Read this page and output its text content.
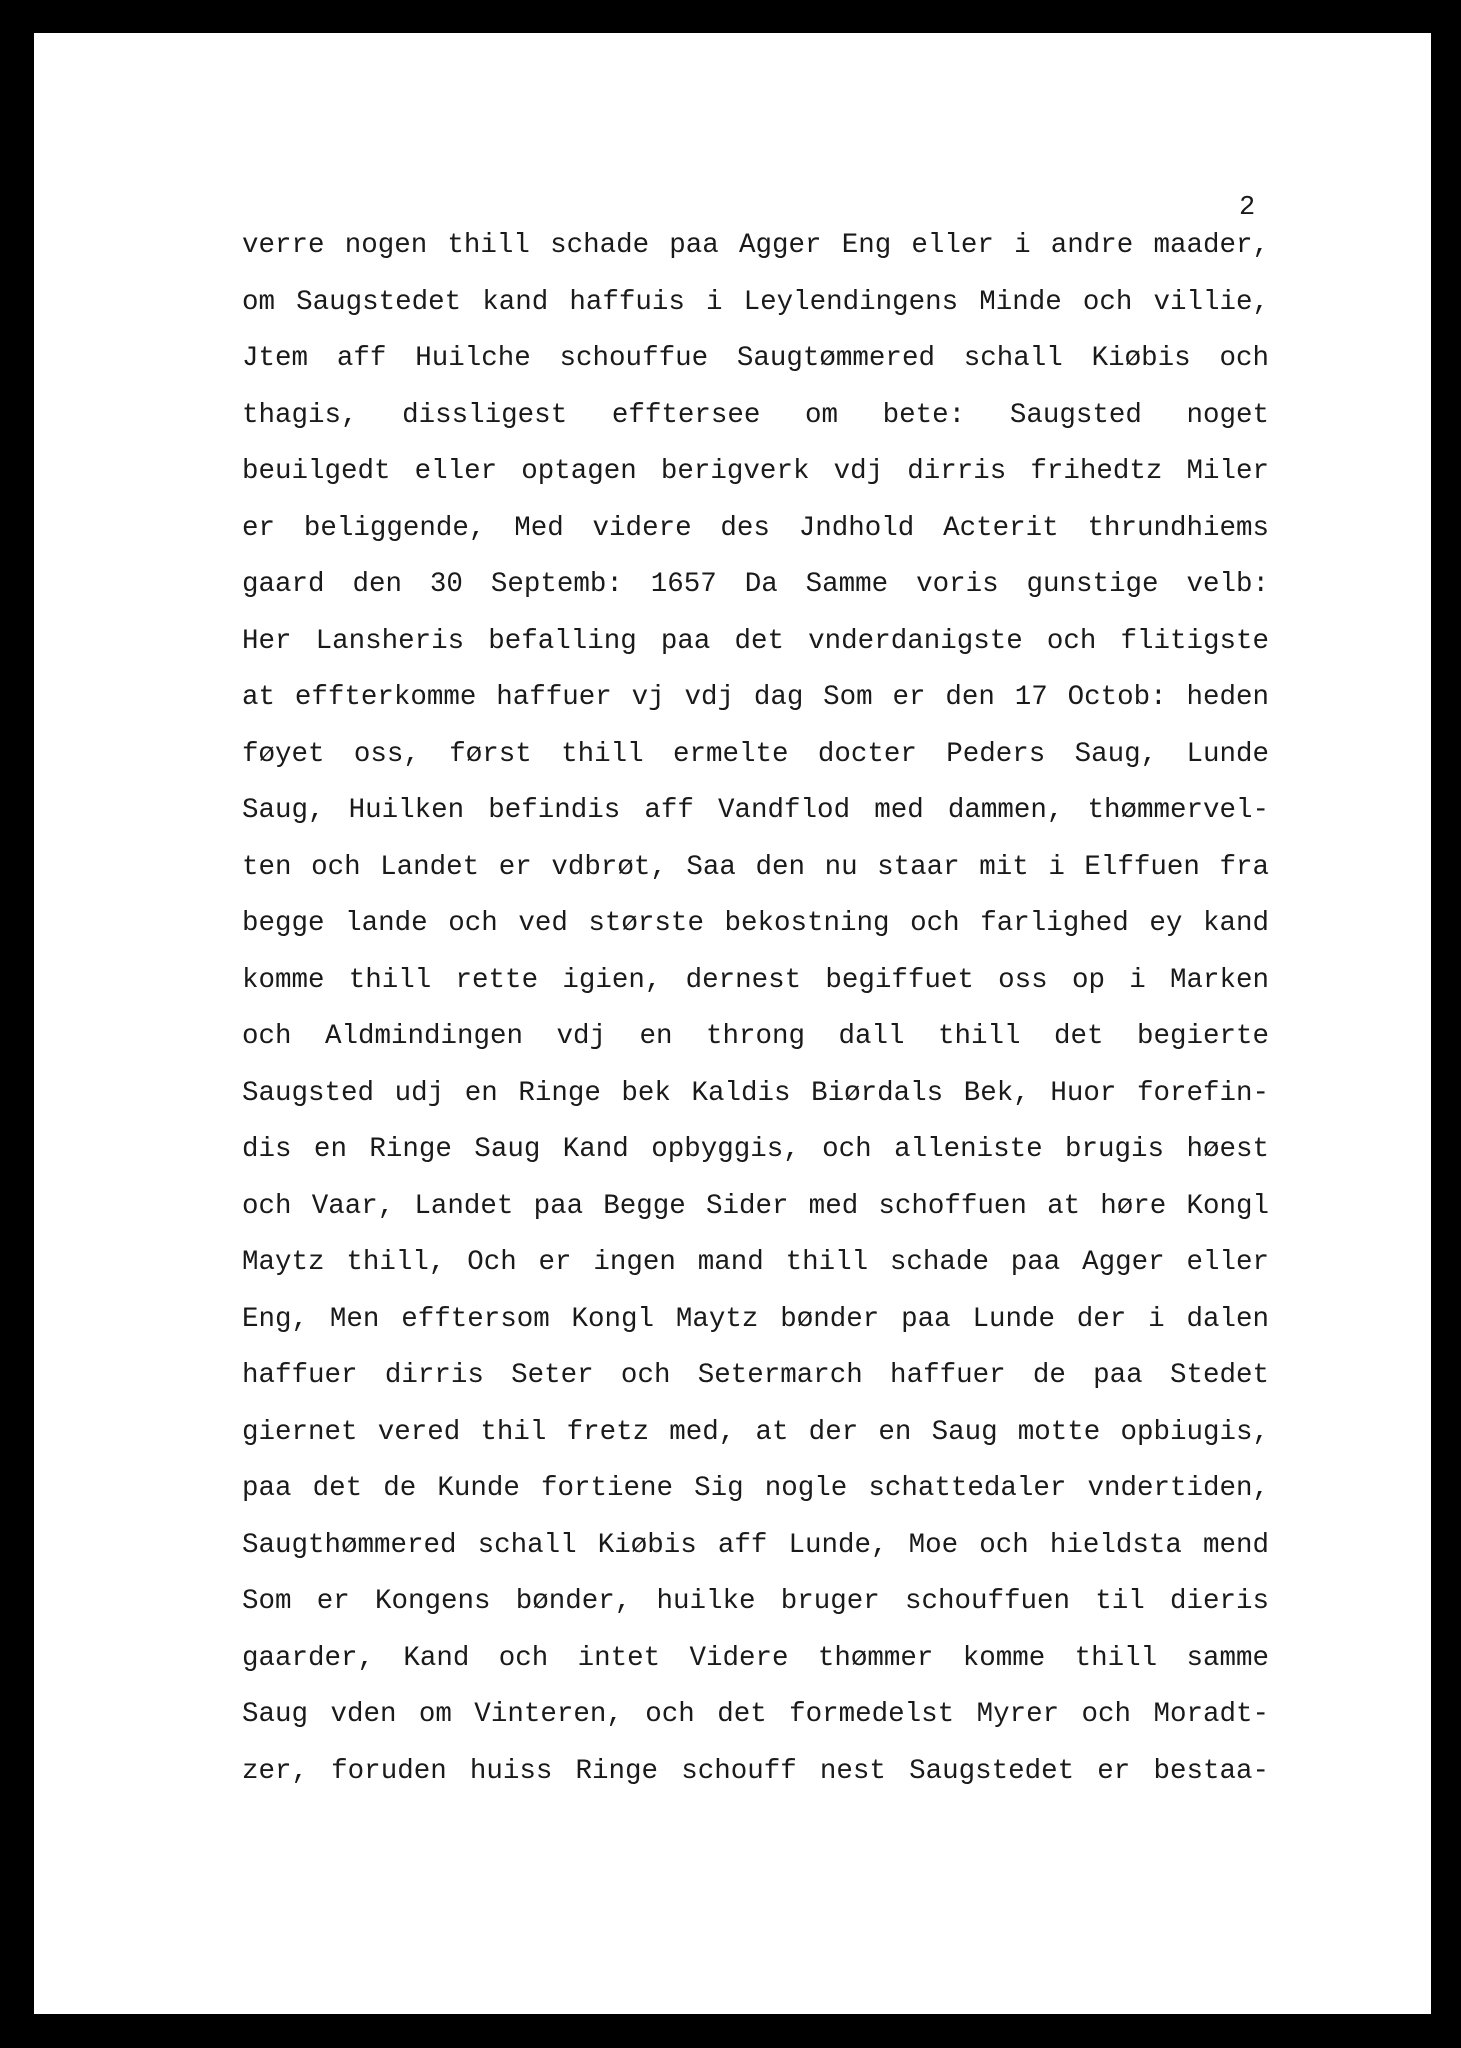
2
verre nogen thill schade paa Agger Eng eller i andre maader,
om Saugstedet kand haffuis i Leylendingens Minde och villie,
Jtem aff Huilche schouffue Saugtømmered schall Kiøbis och
thagis, dissligest efftersee om bete: Saugsted noget
beuilgedt eller optagen berigverk vdj dirris frihedtz Miler
er beliggende, Med videre des Jndhold Acterit thrundhiems
gaard den 30 Septemb: 1657 Da Samme voris gunstige velb:
Her Lansheris befalling paa det vnderdanigste och flitigste
at effterkomme haffuer vj vdj dag Som er den 17 Octob: heden
føyet oss, først thill ermelte docter Peders Saug, Lunde
Saug, Huilken befindis aff Vandflod med dammen, thømmervel-
ten och Landet er vdbrøt, Saa den nu staar mit i Elffuen fra
begge lande och ved største bekostning och farlighed ey kand
komme thill rette igien, dernest begiffuet oss op i Marken
och Aldmindingen vdj en throng dall thill det begierte
Saugsted udj en Ringe bek Kaldis Biørdals Bek, Huor forefin-
dis en Ringe Saug Kand opbyggis, och alleniste brugis høest
och Vaar, Landet paa Begge Sider med schoffuen at høre Kongl
Maytz thill, Och er ingen mand thill schade paa Agger eller
Eng, Men efftersom Kongl Maytz bønder paa Lunde der i dalen
haffuer dirris Seter och Setermarch haffuer de paa Stedet
giernet vered thil fretz med, at der en Saug motte opbiugis,
paa det de Kunde fortiene Sig nogle schattedaler vndertiden,
Saugthømmered schall Kiøbis aff Lunde, Moe och hieldsta mend
Som er Kongens bønder, huilke bruger schouffuen til dieris
gaarder, Kand och intet Videre thømmer komme thill samme
Saug vden om Vinteren, och det formedelst Myrer och Moradt-
zer, foruden huiss Ringe schouff nest Saugstedet er bestaa-
